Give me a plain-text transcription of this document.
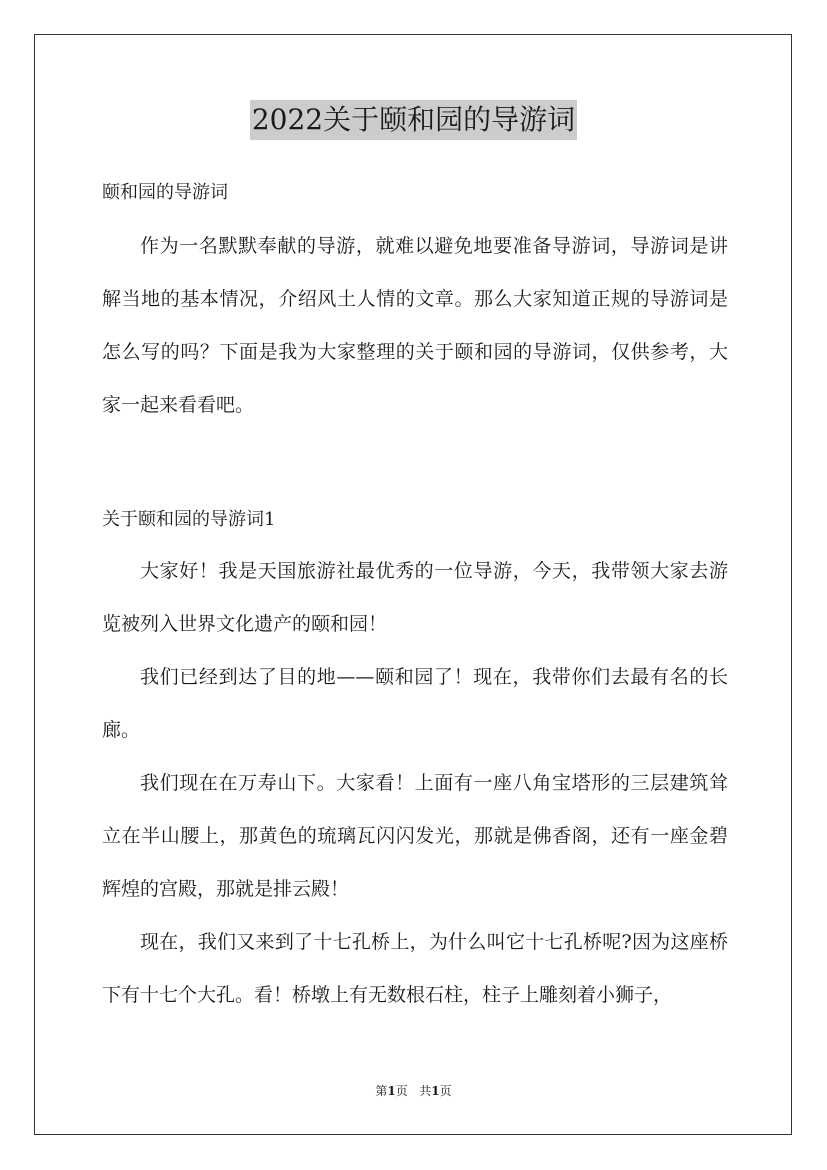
2022关于颐和园的导游词
颐和园的导游词

作为一名默默奉献的导游，就难以避免地要准备导游词，导游词是讲解当地的基本情况，介绍风土人情的文章。那么大家知道正规的导游词是怎么写的吗？下面是我为大家整理的关于颐和园的导游词，仅供参考，大家一起来看看吧。

关于颐和园的导游词1

大家好！我是天国旅游社最优秀的一位导游，今天，我带领大家去游览被列入世界文化遗产的颐和园！

我们已经到达了目的地——颐和园了！现在，我带你们去最有名的长廊。

我们现在在万寿山下。大家看！上面有一座八角宝塔形的三层建筑耸立在半山腰上，那黄色的琉璃瓦闪闪发光，那就是佛香阁，还有一座金碧辉煌的宫殿，那就是排云殿！

现在，我们又来到了十七孔桥上，为什么叫它十七孔桥呢?因为这座桥下有十七个大孔。看！桥墩上有无数根石柱，柱子上雕刻着小狮子，

第1页 共1页
